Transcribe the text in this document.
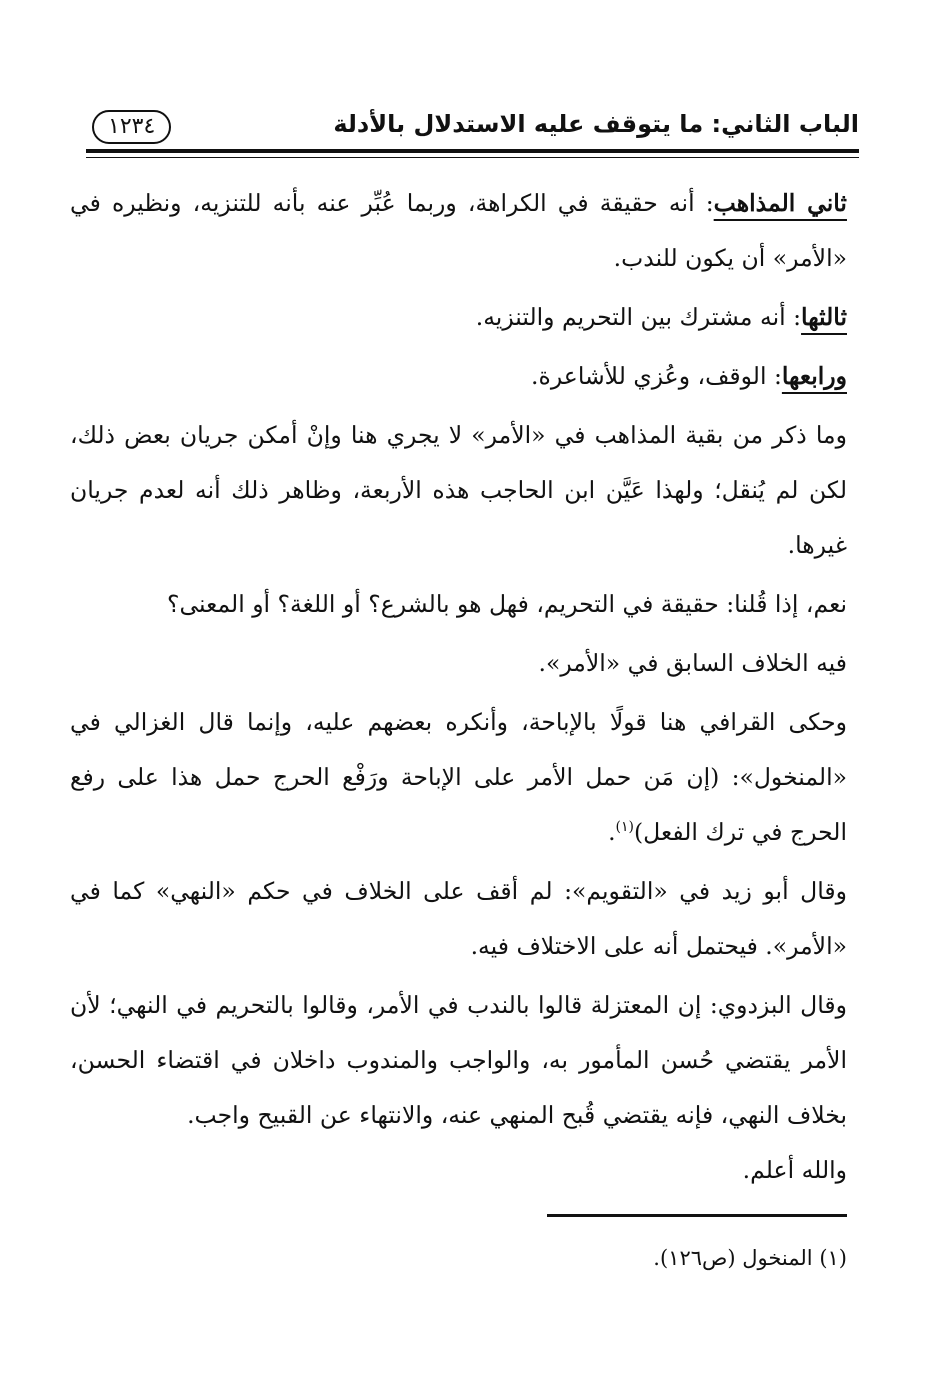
الباب الثاني: ما يتوقف عليه الاستدلال بالأدلة
١٢٣٤

ثاني المذاهب: أنه حقيقة في الكراهة، وربما عُبِّر عنه بأنه للتنزيه، ونظيره في «الأمر» أن يكون للندب.

ثالثها: أنه مشترك بين التحريم والتنزيه.

ورابعها: الوقف، وعُزي للأشاعرة.

وما ذكر من بقية المذاهب في «الأمر» لا يجري هنا وإنْ أمكن جريان بعض ذلك، لكن لم يُنقل؛ ولهذا عَيَّن ابن الحاجب هذه الأربعة، وظاهر ذلك أنه لعدم جريان غيرها.

نعم، إذا قُلنا: حقيقة في التحريم، فهل هو بالشرع؟ أو اللغة؟ أو المعنى؟

فيه الخلاف السابق في «الأمر».

وحكى القرافي هنا قولًا بالإباحة، وأنكره بعضهم عليه، وإنما قال الغزالي في «المنخول»: (إن مَن حمل الأمر على الإباحة ورَفْع الحرج حمل هذا على رفع الحرج في ترك الفعل)$^{(١)}$.

وقال أبو زيد في «التقويم»: لم أقف على الخلاف في حكم «النهي» كما في «الأمر». فيحتمل أنه على الاختلاف فيه.

وقال البزدوي: إن المعتزلة قالوا بالندب في الأمر، وقالوا بالتحريم في النهي؛ لأن الأمر يقتضي حُسن المأمور به، والواجب والمندوب داخلان في اقتضاء الحسن، بخلاف النهي، فإنه يقتضي قُبح المنهي عنه، والانتهاء عن القبيح واجب.

والله أعلم.

(١) المنخول (ص١٢٦).
